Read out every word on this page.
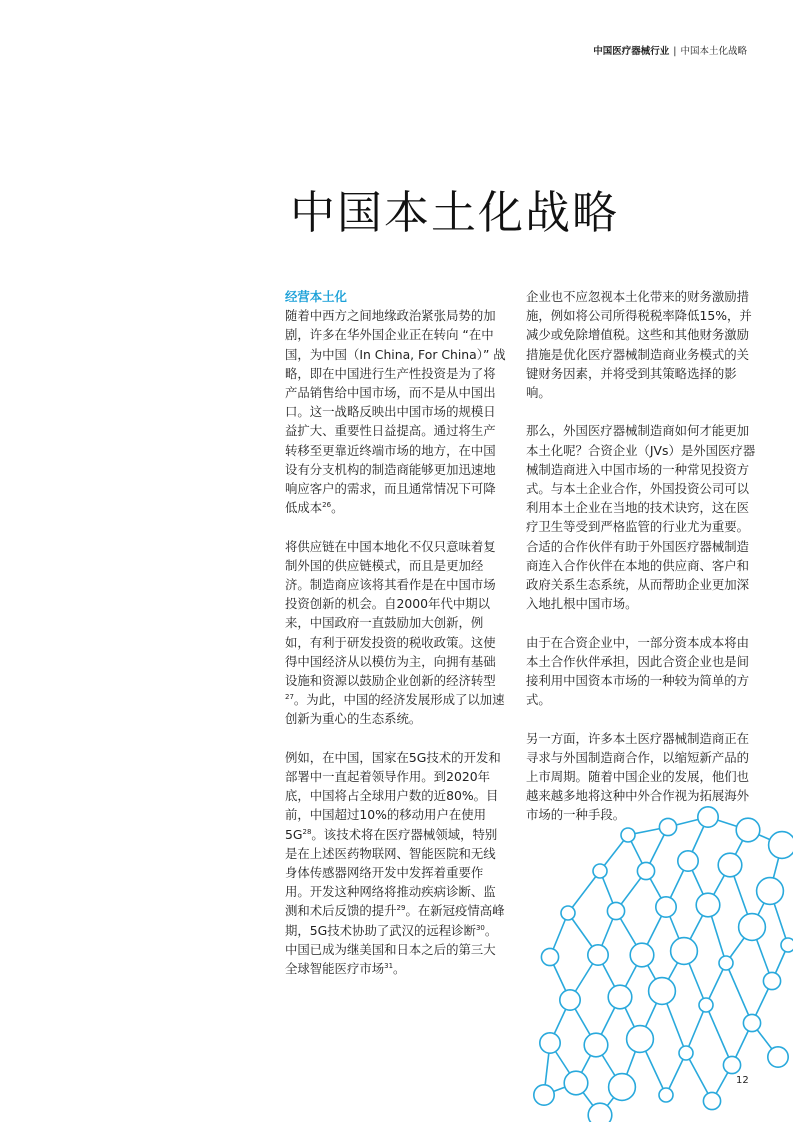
中国医疗器械行业 | 中国本土化战略
中国本土化战略
经营本土化

随着中西方之间地缘政治紧张局势的加剧，许多在华外国企业正在转向 “在中国，为中国（In China, For China）” 战略，即在中国进行生产性投资是为了将产品销售给中国市场，而不是从中国出口。这一战略反映出中国市场的规模日益扩大、重要性日益提高。通过将生产转移至更靠近终端市场的地方，在中国设有分支机构的制造商能够更加迅速地响应客户的需求，而且通常情况下可降低成本$^{26}$。

将供应链在中国本地化不仅只意味着复制外国的供应链模式，而且是更加经济。制造商应该将其看作是在中国市场投资创新的机会。自2000年代中期以来，中国政府一直鼓励加大创新，例如，有利于研发投资的税收政策。这使得中国经济从以模仿为主，向拥有基础设施和资源以鼓励企业创新的经济转型$^{27}$。为此，中国的经济发展形成了以加速创新为重心的生态系统。

例如，在中国，国家在5G技术的开发和部署中一直起着领导作用。到2020年底，中国将占全球用户数的近80%。目前，中国超过10%的移动用户在使用$5G^{28}$。该技术将在医疗器械领域，特别是在上述医药物联网、智能医院和无线身体传感器网络开发中发挥着重要作用。开发这种网络将推动疾病诊断、监测和术后反馈的提升$^{29}$。在新冠疫情高峰期，5G技术协助了武汉的远程诊断$^{30}$。中国已成为继美国和日本之后的第三大全球智能医疗市场$^{31}$。

企业也不应忽视本土化带来的财务激励措施，例如将公司所得税税率降低15%，并减少或免除增值税。这些和其他财务激励措施是优化医疗器械制造商业务模式的关键财务因素，并将受到其策略选择的影响。

那么，外国医疗器械制造商如何才能更加本土化呢？合资企业（JVs）是外国医疗器械制造商进入中国市场的一种常见投资方式。与本土企业合作，外国投资公司可以利用本土企业在当地的技术诀窍，这在医疗卫生等受到严格监管的行业尤为重要。合适的合作伙伴有助于外国医疗器械制造商连入合作伙伴在本地的供应商、客户和政府关系生态系统，从而帮助企业更加深入地扎根中国市场。

由于在合资企业中，一部分资本成本将由本土合作伙伴承担，因此合资企业也是间接利用中国资本市场的一种较为简单的方式。

另一方面，许多本土医疗器械制造商正在寻求与外国制造商合作，以缩短新产品的上市周期。随着中国企业的发展，他们也越来越多地将这种中外合作视为拓展海外市场的一种手段。

12
